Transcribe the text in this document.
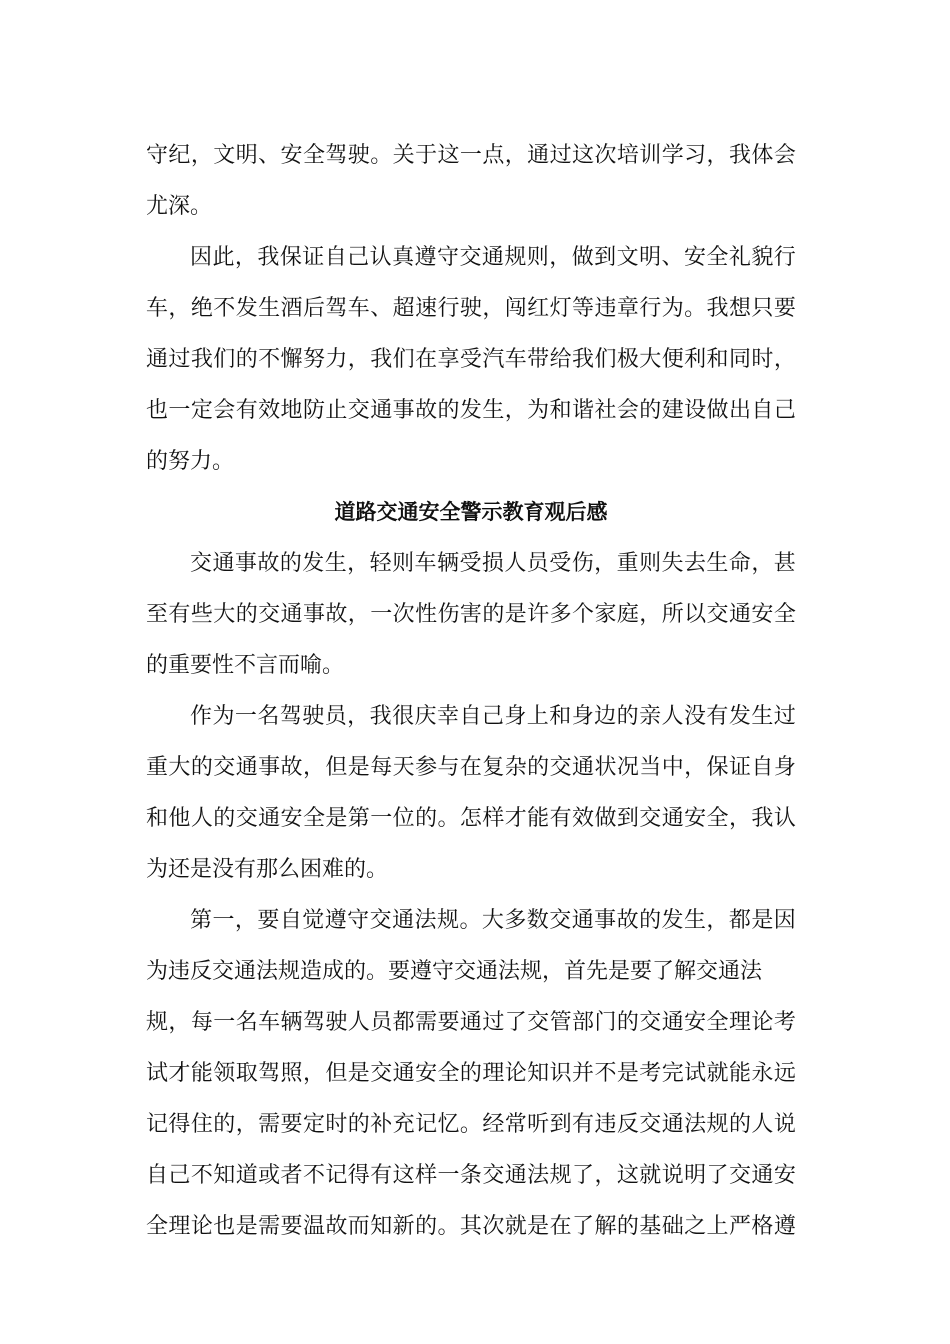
守 纪 ， 文 明 、 安 全 驾 驶 。 关 于 这 一 点 ， 通 过 这 次 培 训 学 习 ， 我 体 会
尤深。
因 此 ， 我 保 证 自 己 认 真 遵 守 交 通 规 则 ， 做 到 文 明 、 安 全 礼 貌 行
车 ， 绝 不 发 生 酒 后 驾 车 、 超 速 行 驶 ， 闯 红 灯 等 违 章 行 为 。 我 想 只 要
通 过 我 们 的 不 懈 努 力 ， 我 们 在 享 受 汽 车 带 给 我 们 极 大 便 利 和 同 时 ，
也 一 定 会 有 效 地 防 止 交 通 事 故 的 发 生 ， 为 和 谐 社 会 的 建 设 做 出 自 己
的努力。
道路交通安全警示教育观后感
交 通 事 故 的 发 生 ， 轻 则 车 辆 受 损 人 员 受 伤 ， 重 则 失 去 生 命 ， 甚
至 有 些 大 的 交 通 事 故 ， 一 次 性 伤 害 的 是 许 多 个 家 庭 ， 所 以 交 通 安 全
的重要性不言而喻。
作 为 一 名 驾 驶 员 ， 我 很 庆 幸 自 己 身 上 和 身 边 的 亲 人 没 有 发 生 过
重 大 的 交 通 事 故 ， 但 是 每 天 参 与 在 复 杂 的 交 通 状 况 当 中 ， 保 证 自 身
和 他 人 的 交 通 安 全 是 第 一 位 的 。 怎 样 才 能 有 效 做 到 交 通 安 全 ， 我 认
为还是没有那么困难的。
第 一 ， 要 自 觉 遵 守 交 通 法 规 。 大 多 数 交 通 事 故 的 发 生 ， 都 是 因
为违反交通法规造成的。要遵守交通法规，首先是要了解交通法
规 ， 每 一 名 车 辆 驾 驶 人 员 都 需 要 通 过 了 交 管 部 门 的 交 通 安 全 理 论 考
试 才 能 领 取 驾 照 ， 但 是 交 通 安 全 的 理 论 知 识 并 不 是 考 完 试 就 能 永 远
记 得 住 的 ， 需 要 定 时 的 补 充 记 忆 。 经 常 听 到 有 违 反 交 通 法 规 的 人 说
自 己 不 知 道 或 者 不 记 得 有 这 样 一 条 交 通 法 规 了 ， 这 就 说 明 了 交 通 安
全 理 论 也 是 需 要 温 故 而 知 新 的 。 其 次 就 是 在 了 解 的 基 础 之 上 严 格 遵
